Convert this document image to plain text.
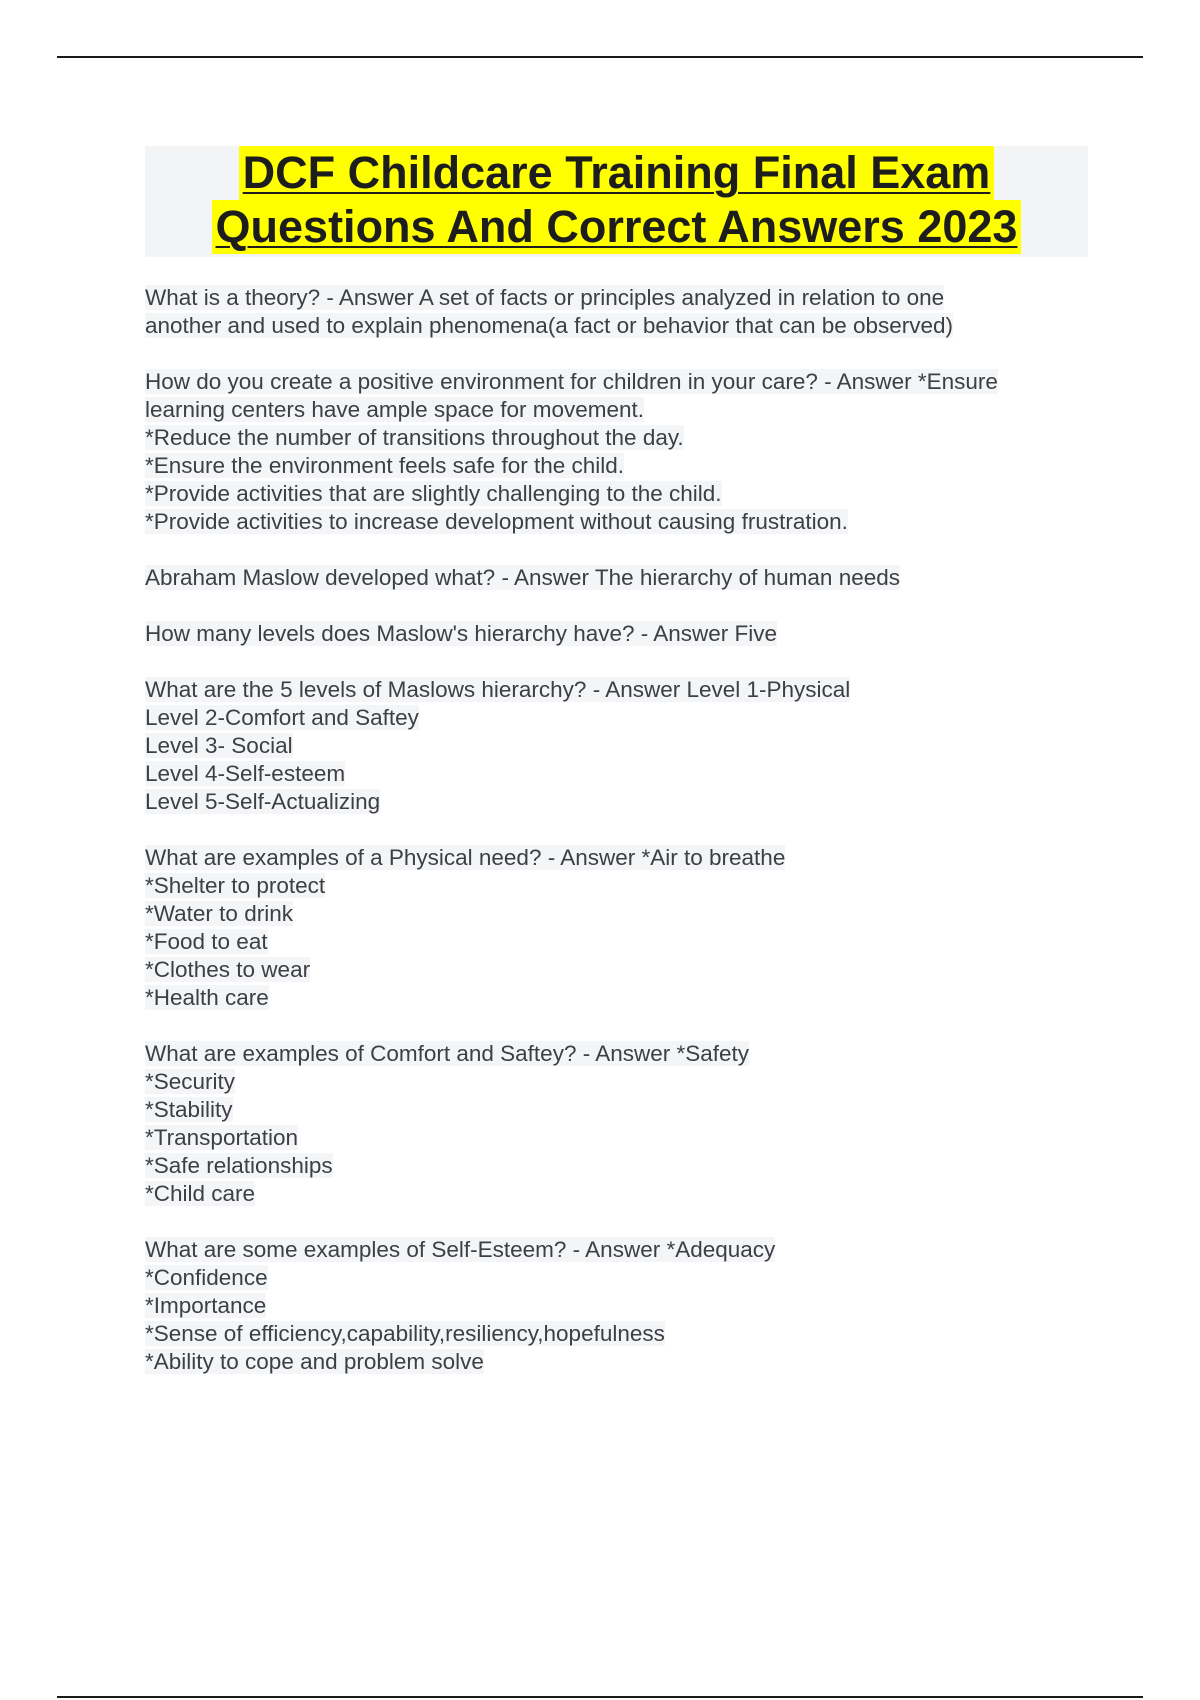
DCF Childcare Training Final Exam
Questions And Correct Answers 2023
What is a theory? - Answer A set of facts or principles analyzed in relation to one
another and used to explain phenomena(a fact or behavior that can be observed)
How do you create a positive environment for children in your care? - Answer *Ensure
learning centers have ample space for movement.
*Reduce the number of transitions throughout the day.
*Ensure the environment feels safe for the child.
*Provide activities that are slightly challenging to the child.
*Provide activities to increase development without causing frustration.
Abraham Maslow developed what? - Answer The hierarchy of human needs
How many levels does Maslow's hierarchy have? - Answer Five
What are the 5 levels of Maslows hierarchy? - Answer Level 1-Physical
Level 2-Comfort and Saftey
Level 3- Social
Level 4-Self-esteem
Level 5-Self-Actualizing
What are examples of a Physical need? - Answer *Air to breathe
*Shelter to protect
*Water to drink
*Food to eat
*Clothes to wear
*Health care
What are examples of Comfort and Saftey? - Answer *Safety
*Security
*Stability
*Transportation
*Safe relationships
*Child care
What are some examples of Self-Esteem? - Answer *Adequacy
*Confidence
*Importance
*Sense of efficiency,capability,resiliency,hopefulness
*Ability to cope and problem solve
